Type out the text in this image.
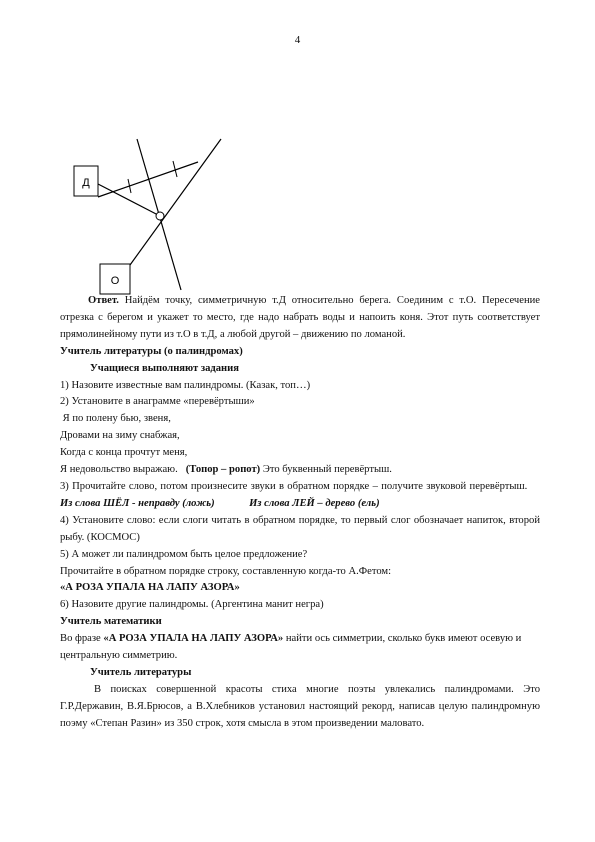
4
Д
О

Ответ. Найдём точку, симметричную т.Д относительно берега. Соединим с т.О. Пересечение отрезка с берегом и укажет то место, где надо набрать воды и напоить коня. Этот путь соответствует прямолинейному пути из т.О в т.Д, а любой другой – движению по ломаной.

Учитель литературы (о палиндромах)

Учащиеся выполняют задания

1) Назовите известные вам палиндромы. (Казак, топ…)

2) Установите в анаграмме «перевёртыши»

Я по полену бью, звеня,

Дровами на зиму снабжая,

Когда с конца прочтут меня,

Я недовольство выражаю. (Топор – ропот) Это буквенный перевёртыш.

3) Прочитайте слово, потом произнесите звуки в обратном порядке – получите звуковой перевёртыш.     Из слова ШЁЛ - неправду (ложь)	Из слова ЛЕЙ – дерево (ель)

4) Установите слово: если слоги читать в обратном порядке, то первый слог обозначает напиток, второй рыбу. (КОСМОС)

5) А может ли палиндромом быть целое предложение?

Прочитайте в обратном порядке строку, составленную когда-то А.Фетом:

«А РОЗА УПАЛА НА ЛАПУ АЗОРА»

6) Назовите другие палиндромы. (Аргентина манит негра)

Учитель математики

Во фразе «А РОЗА УПАЛА НА ЛАПУ АЗОРА» найти ось симметрии, сколько букв имеют осевую и центральную симметрию.

Учитель литературы

В поисках совершенной красоты стиха многие поэты увлекались палиндромами. Это Г.Р.Державин, В.Я.Брюсов, а В.Хлебников установил настоящий рекорд, написав целую палиндромную поэму «Степан Разин» из 350 строк, хотя смысла в этом произведении маловато.
